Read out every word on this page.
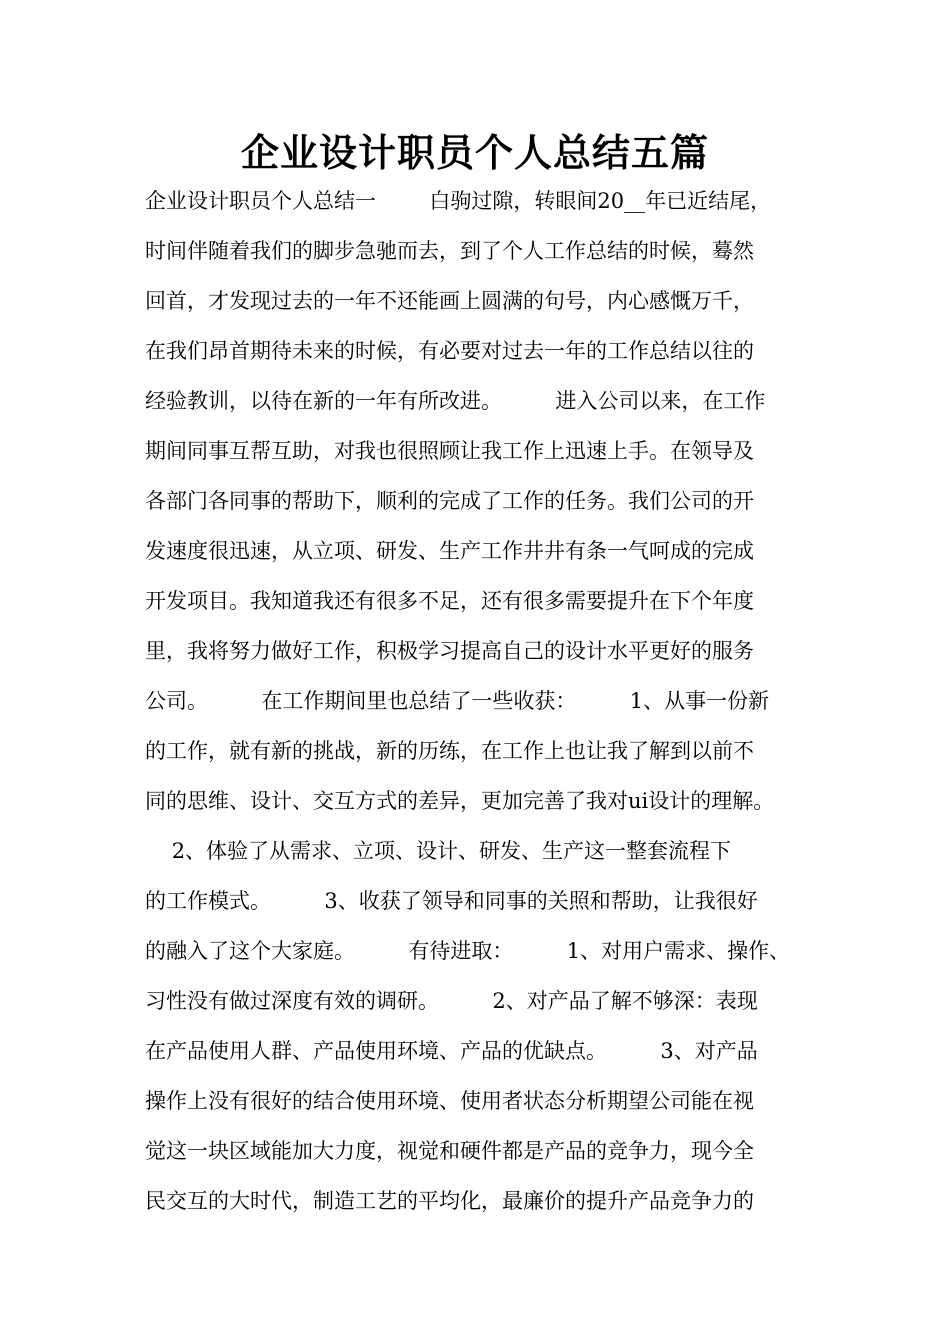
企业设计职员个人总结五篇
企业设计职员个人总结一        白驹过隙，转眼间20__年已近结尾，
时间伴随着我们的脚步急驰而去，到了个人工作总结的时候，蓦然
回首，才发现过去的一年不还能画上圆满的句号，内心感慨万千，
在我们昂首期待未来的时候，有必要对过去一年的工作总结以往的
经验教训，以待在新的一年有所改进。        进入公司以来，在工作
期间同事互帮互助，对我也很照顾让我工作上迅速上手。在领导及
各部门各同事的帮助下，顺利的完成了工作的任务。我们公司的开
发速度很迅速，从立项、研发、生产工作井井有条一气呵成的完成
开发项目。我知道我还有很多不足，还有很多需要提升在下个年度
里，我将努力做好工作，积极学习提高自己的设计水平更好的服务
公司。        在工作期间里也总结了一些收获：        1、从事一份新
的工作，就有新的挑战，新的历练，在工作上也让我了解到以前不
同的思维、设计、交互方式的差异，更加完善了我对ui设计的理解。
2、体验了从需求、立项、设计、研发、生产这一整套流程下
的工作模式。        3、收获了领导和同事的关照和帮助，让我很好
的融入了这个大家庭。        有待进取：        1、对用户需求、操作、
习性没有做过深度有效的调研。        2、对产品了解不够深：表现
在产品使用人群、产品使用环境、产品的优缺点。        3、对产品
操作上没有很好的结合使用环境、使用者状态分析期望公司能在视
觉这一块区域能加大力度，视觉和硬件都是产品的竞争力，现今全
民交互的大时代，制造工艺的平均化，最廉价的提升产品竞争力的
